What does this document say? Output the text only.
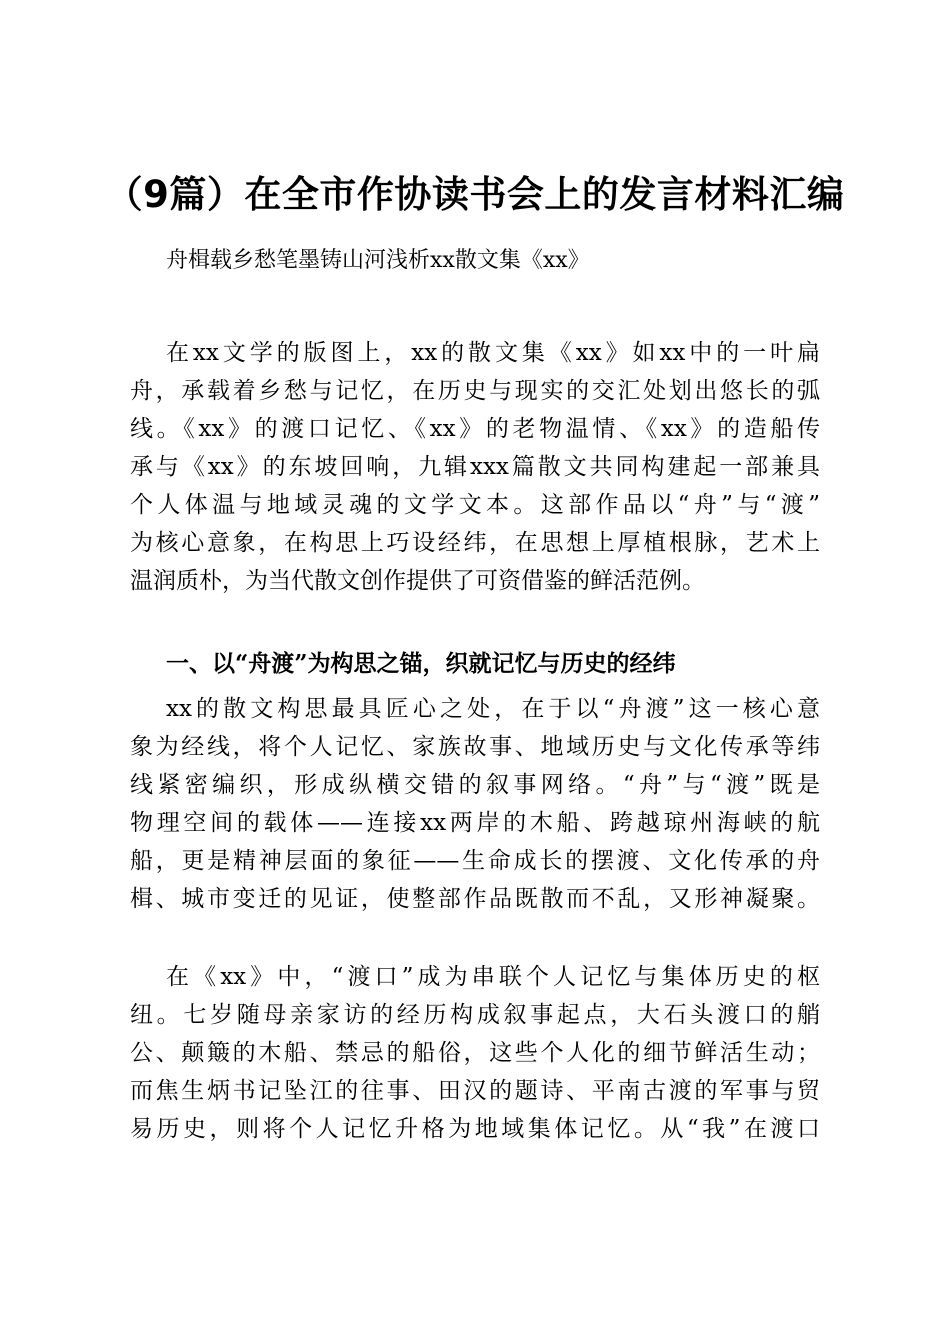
（9篇）在全市作协读书会上的发言材料汇编
舟楫载乡愁笔墨铸山河浅析xx散文集《xx》
在xx文学的版图上，xx的散文集《xx》如xx中的一叶扁
舟，承载着乡愁与记忆，在历史与现实的交汇处划出悠长的弧
线。《xx》的渡口记忆、《xx》的老物温情、《xx》的造船传
承与《xx》的东坡回响，九辑xxx篇散文共同构建起一部兼具
个人体温与地域灵魂的文学文本。这部作品以“舟”与“渡”
为核心意象，在构思上巧设经纬，在思想上厚植根脉，艺术上
温润质朴，为当代散文创作提供了可资借鉴的鲜活范例。
一、以“舟渡”为构思之锚，织就记忆与历史的经纬
xx的散文构思最具匠心之处，在于以“舟渡”这一核心意
象为经线，将个人记忆、家族故事、地域历史与文化传承等纬
线紧密编织，形成纵横交错的叙事网络。“舟”与“渡”既是
物理空间的载体——连接xx两岸的木船、跨越琼州海峡的航
船，更是精神层面的象征——生命成长的摆渡、文化传承的舟
楫、城市变迁的见证，使整部作品既散而不乱，又形神凝聚。
在《xx》中，“渡口”成为串联个人记忆与集体历史的枢
纽。七岁随母亲家访的经历构成叙事起点，大石头渡口的艄
公、颠簸的木船、禁忌的船俗，这些个人化的细节鲜活生动；
而焦生炳书记坠江的往事、田汉的题诗、平南古渡的军事与贸
易历史，则将个人记忆升格为地域集体记忆。从“我”在渡口
